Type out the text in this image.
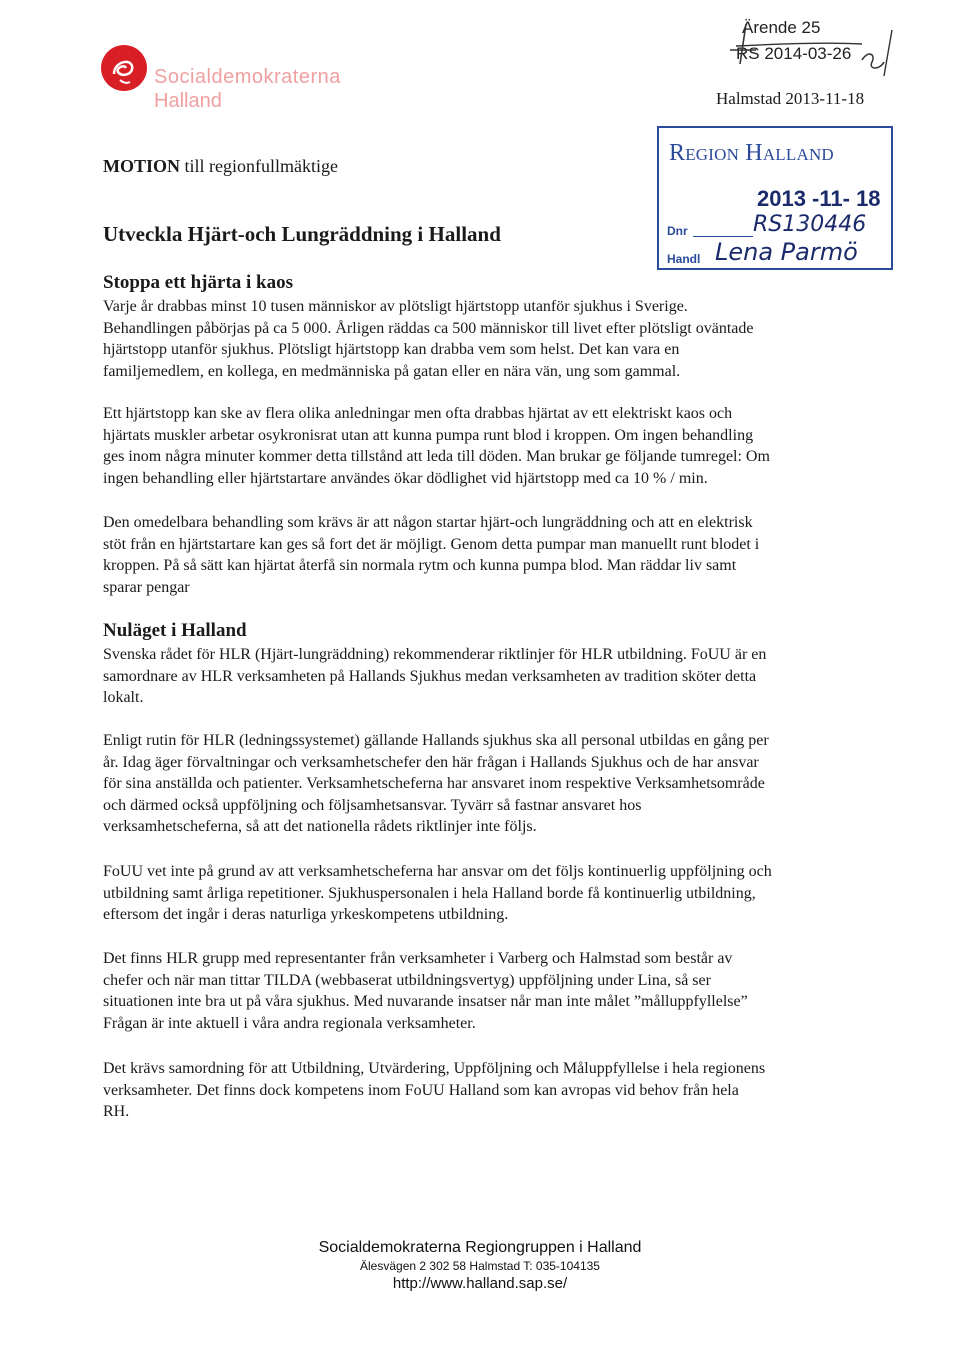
Socialdemokraterna
Halland
Ärende 25
RS 2014-03-26
Halmstad 2013-11-18
Region Halland
2013 -11- 18
Dnr	RS130446
Handl Lena Parmö
MOTION till regionfullmäktige
Utveckla Hjärt-och Lungräddning i Halland
Stoppa ett hjärta i kaos
Varje år drabbas minst 10 tusen människor av plötsligt hjärtstopp utanför sjukhus i Sverige.
Behandlingen påbörjas på ca 5 000. Årligen räddas ca 500 människor till livet efter plötsligt oväntade
hjärtstopp utanför sjukhus. Plötsligt hjärtstopp kan drabba vem som helst. Det kan vara en
familjemedlem, en kollega, en medmänniska på gatan eller en nära vän, ung som gammal.
Ett hjärtstopp kan ske av flera olika anledningar men ofta drabbas hjärtat av ett elektriskt kaos och
hjärtats muskler arbetar osykronisrat utan att kunna pumpa runt blod i kroppen. Om ingen behandling
ges inom några minuter kommer detta tillstånd att leda till döden. Man brukar ge följande tumregel: Om
ingen behandling eller hjärtstartare användes ökar dödlighet vid hjärtstopp med ca 10 % / min.
Den omedelbara behandling som krävs är att någon startar hjärt-och lungräddning och att en elektrisk
stöt från en hjärtstartare kan ges så fort det är möjligt. Genom detta pumpar man manuellt runt blodet i
kroppen. På så sätt kan hjärtat återfå sin normala rytm och kunna pumpa blod. Man räddar liv samt
sparar pengar
Nuläget i Halland
Svenska rådet för HLR (Hjärt-lungräddning) rekommenderar riktlinjer för HLR utbildning. FoUU är en
samordnare av HLR verksamheten på Hallands Sjukhus medan verksamheten av tradition sköter detta
lokalt.
Enligt rutin för HLR (ledningssystemet) gällande Hallands sjukhus ska all personal utbildas en gång per
år. Idag äger förvaltningar och verksamhetschefer den här frågan i Hallands Sjukhus och de har ansvar
för sina anställda och patienter. Verksamhetscheferna har ansvaret inom respektive Verksamhetsområde
och därmed också uppföljning och följsamhetsansvar. Tyvärr så fastnar ansvaret hos
verksamhetscheferna, så att det nationella rådets riktlinjer inte följs.
FoUU vet inte på grund av att verksamhetscheferna har ansvar om det följs kontinuerlig uppföljning och
utbildning samt årliga repetitioner. Sjukhuspersonalen i hela Halland borde få kontinuerlig utbildning,
eftersom det ingår i deras naturliga yrkeskompetens utbildning.
Det finns HLR grupp med representanter från verksamheter i Varberg och Halmstad som består av
chefer och när man tittar TILDA (webbaserat utbildningsvertyg) uppföljning under Lina, så ser
situationen inte bra ut på våra sjukhus. Med nuvarande insatser når man inte målet ”målluppfyllelse”
Frågan är inte aktuell i våra andra regionala verksamheter.
Det krävs samordning för att Utbildning, Utvärdering, Uppföljning och Måluppfyllelse i hela regionens
verksamheter. Det finns dock kompetens inom FoUU Halland som kan avropas vid behov från hela
RH.
Socialdemokraterna Regiongruppen i Halland
Älesvägen 2 302 58 Halmstad T: 035-104135
http://www.halland.sap.se/
